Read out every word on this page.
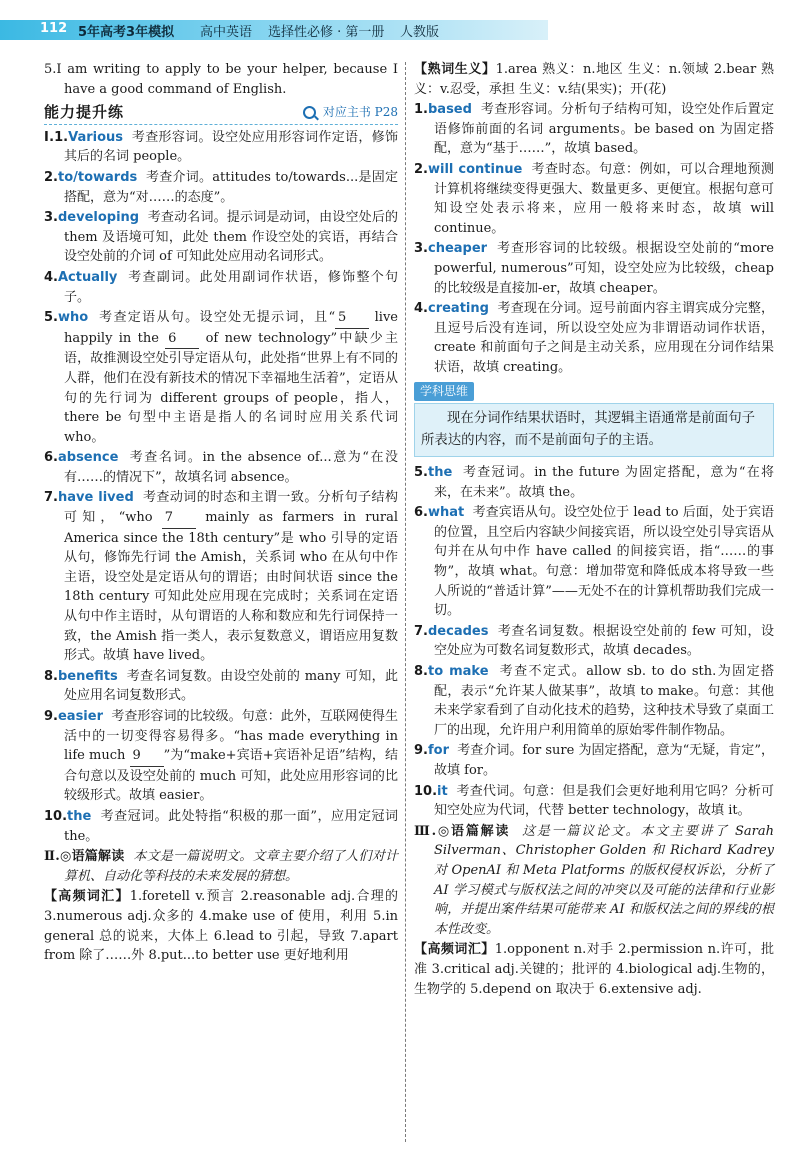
112 5年高考3年模拟 高中英语 选择性必修 · 第一册 人教版

5.I am writing to apply to be your helper, because I have a good command of English.

能力提升练	对应主书 P28

Ⅰ.1.Various 考查形容词。设空处应用形容词作定语，修饰其后的名词 people。

2.to/towards 考查介词。attitudes to/towards...是固定搭配，意为“对……的态度”。

3.developing 考查动名词。提示词是动词，由设空处后的 them 及语境可知，此处 them 作设空处的宾语，再结合设空处前的介词 of 可知此处应用动名词形式。

4.Actually 考查副词。此处用副词作状语，修饰整个句子。

5.who 考查定语从句。设空处无提示词，且“ 5 live happily in the 6 of new technology”中缺少主语，故推测设空处引导定语从句，此处指“世界上有不同的人群，他们在没有新技术的情况下幸福地生活着”，定语从句的先行词为 different groups of people，指人，there be 句型中主语是指人的名词时应用关系代词 who。

6.absence 考查名词。in the absence of...意为“在没有……的情况下”，故填名词 absence。

7.have lived 考查动词的时态和主谓一致。分析句子结构可知，“who 7 mainly as farmers in rural America since the 18th century”是 who 引导的定语从句，修饰先行词 the Amish，关系词 who 在从句中作主语，设空处是定语从句的谓语；由时间状语 since the 18th century 可知此处应用现在完成时；关系词在定语从句中作主语时，从句谓语的人称和数应和先行词保持一致，the Amish 指一类人，表示复数意义，谓语应用复数形式。故填 have lived。

8.benefits 考查名词复数。由设空处前的 many 可知，此处应用名词复数形式。

9.easier 考查形容词的比较级。句意：此外，互联网使得生活中的一切变得容易得多。“has made everything in life much 9 ”为“make+宾语+宾语补足语”结构，结合句意以及设空处前的 much 可知，此处应用形容词的比较级形式。故填 easier。

10.the 考查冠词。此处特指“积极的那一面”，应用定冠词 the。

Ⅱ.◎语篇解读 本文是一篇说明文。文章主要介绍了人们对计算机、自动化等科技的未来发展的猜想。

【高频词汇】1.foretell v.预言 2.reasonable adj.合理的 3.numerous adj.众多的 4.make use of 使用，利用 5.in general 总的说来，大体上 6.lead to 引起，导致 7.apart from 除了……外 8.put...to better use 更好地利用

【熟词生义】1.area 熟义：n.地区 生义：n.领域 2.bear 熟义：v.忍受，承担 生义：v.结(果实)；开(花)

1.based 考查形容词。分析句子结构可知，设空处作后置定语修饰前面的名词 arguments。be based on 为固定搭配，意为“基于……”，故填 based。

2.will continue 考查时态。句意：例如，可以合理地预测计算机将继续变得更强大、数量更多、更便宜。根据句意可知设空处表示将来，应用一般将来时态，故填 will continue。

3.cheaper 考查形容词的比较级。根据设空处前的“more powerful, numerous”可知，设空处应为比较级，cheap 的比较级是直接加-er，故填 cheaper。

4.creating 考查现在分词。逗号前面内容主谓宾成分完整，且逗号后没有连词，所以设空处应为非谓语动词作状语，create 和前面句子之间是主动关系，应用现在分词作结果状语，故填 creating。

学科思维
现在分词作结果状语时，其逻辑主语通常是前面句子所表达的内容，而不是前面句子的主语。

5.the 考查冠词。in the future 为固定搭配，意为“在将来，在未来”。故填 the。

6.what 考查宾语从句。设空处位于 lead to 后面，处于宾语的位置，且空后内容缺少间接宾语，所以设空处引导宾语从句并在从句中作 have called 的间接宾语，指“……的事物”，故填 what。句意：增加带宽和降低成本将导致一些人所说的“普适计算”——无处不在的计算机帮助我们完成一切。

7.decades 考查名词复数。根据设空处前的 few 可知，设空处应为可数名词复数形式，故填 decades。

8.to make 考查不定式。allow sb. to do sth.为固定搭配，表示“允许某人做某事”，故填 to make。句意：其他未来学家看到了自动化技术的趋势，这种技术导致了桌面工厂的出现，允许用户利用简单的原始零件制作物品。

9.for 考查介词。for sure 为固定搭配，意为“无疑，肯定”，故填 for。

10.it 考查代词。句意：但是我们会更好地利用它吗？分析可知空处应为代词，代替 better technology，故填 it。

Ⅲ.◎语篇解读 这是一篇议论文。本文主要讲了 Sarah Silverman、Christopher Golden 和 Richard Kadrey 对 OpenAI 和 Meta Platforms 的版权侵权诉讼，分析了 AI 学习模式与版权法之间的冲突以及可能的法律和行业影响，并提出案件结果可能带来 AI 和版权法之间的界线的根本性改变。

【高频词汇】1.opponent n.对手 2.permission n.许可，批准 3.critical adj.关键的；批评的 4.biological adj.生物的，生物学的 5.depend on 取决于 6.extensive adj.
